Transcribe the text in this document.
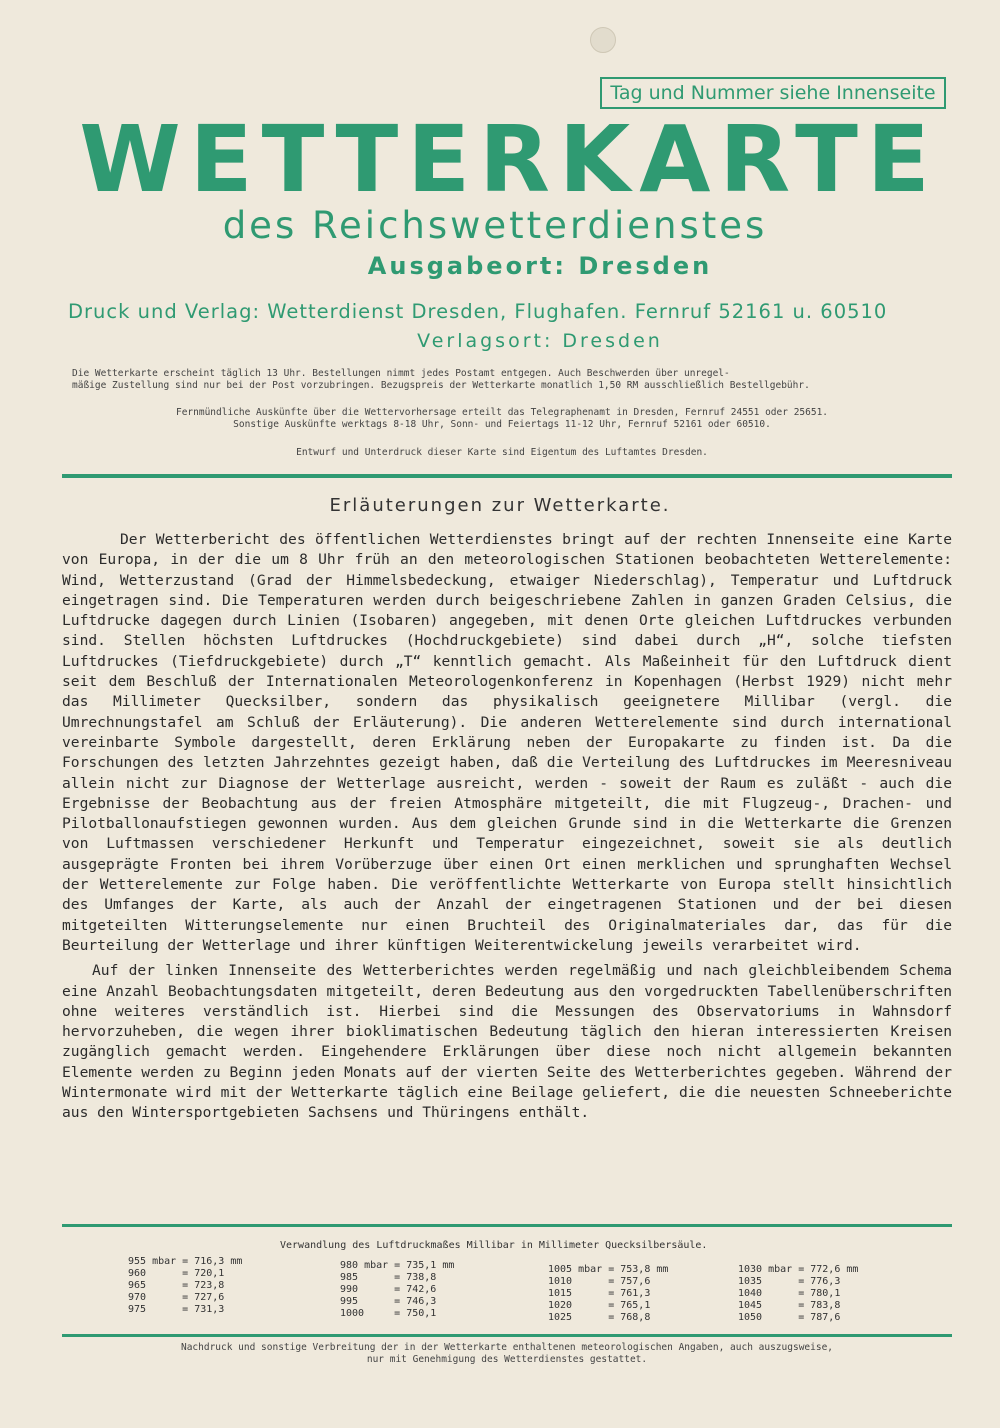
Tag und Nummer siehe Innenseite
WETTERKARTE
des Reichswetterdienstes
Ausgabeort: Dresden
Druck und Verlag: Wetterdienst Dresden, Flughafen. Fernruf 52161 u. 60510
Verlagsort: Dresden
Die Wetterkarte erscheint täglich 13 Uhr. Bestellungen nimmt jedes Postamt entgegen. Auch Beschwerden über unregel-
mäßige Zustellung sind nur bei der Post vorzubringen. Bezugspreis der Wetterkarte monatlich 1,50 RM ausschließlich Bestellgebühr.
Fernmündliche Auskünfte über die Wettervorhersage erteilt das Telegraphenamt in Dresden, Fernruf 24551 oder 25651.
Sonstige Auskünfte werktags 8-18 Uhr, Sonn- und Feiertags 11-12 Uhr, Fernruf 52161 oder 60510.
Entwurf und Unterdruck dieser Karte sind Eigentum des Luftamtes Dresden.
Erläuterungen zur Wetterkarte.

Der Wetterbericht des öffentlichen Wetterdienstes bringt auf der rechten Innenseite eine Karte von Europa, in der die um 8 Uhr früh an den meteorologischen Stationen beobachteten Wetterelemente: Wind, Wetterzustand (Grad der Himmelsbedeckung, etwaiger Niederschlag), Temperatur und Luftdruck eingetragen sind. Die Temperaturen werden durch beigeschriebene Zahlen in ganzen Graden Celsius, die Luftdrucke dagegen durch Linien (Isobaren) angegeben, mit denen Orte gleichen Luftdruckes verbunden sind. Stellen höchsten Luftdruckes (Hochdruckgebiete) sind dabei durch „H“, solche tiefsten Luftdruckes (Tiefdruckgebiete) durch „T“ kenntlich gemacht. Als Maßeinheit für den Luftdruck dient seit dem Beschluß der Internationalen Meteorologenkonferenz in Kopenhagen (Herbst 1929) nicht mehr das Millimeter Quecksilber, sondern das physikalisch geeignetere Millibar (vergl. die Umrechnungstafel am Schluß der Erläuterung). Die anderen Wetterelemente sind durch international vereinbarte Symbole dargestellt, deren Erklärung neben der Europakarte zu finden ist. Da die Forschungen des letzten Jahrzehntes gezeigt haben, daß die Verteilung des Luftdruckes im Meeresniveau allein nicht zur Diagnose der Wetterlage ausreicht, werden - soweit der Raum es zuläßt - auch die Ergebnisse der Beobachtung aus der freien Atmosphäre mitgeteilt, die mit Flugzeug-, Drachen- und Pilotballonaufstiegen gewonnen wurden. Aus dem gleichen Grunde sind in die Wetterkarte die Grenzen von Luftmassen verschiedener Herkunft und Temperatur eingezeichnet, soweit sie als deutlich ausgeprägte Fronten bei ihrem Vorüberzuge über einen Ort einen merklichen und sprunghaften Wechsel der Wetterelemente zur Folge haben. Die veröffentlichte Wetterkarte von Europa stellt hinsichtlich des Umfanges der Karte, als auch der Anzahl der eingetragenen Stationen und der bei diesen mitgeteilten Witterungselemente nur einen Bruchteil des Originalmateriales dar, das für die Beurteilung der Wetterlage und ihrer künftigen Weiterentwickelung jeweils verarbeitet wird.

Auf der linken Innenseite des Wetterberichtes werden regelmäßig und nach gleichbleibendem Schema eine Anzahl Beobachtungsdaten mitgeteilt, deren Bedeutung aus den vorgedruckten Tabellenüberschriften ohne weiteres verständlich ist. Hierbei sind die Messungen des Observatoriums in Wahnsdorf hervorzuheben, die wegen ihrer bioklimatischen Bedeutung täglich den hieran interessierten Kreisen zugänglich gemacht werden. Eingehendere Erklärungen über diese noch nicht allgemein bekannten Elemente werden zu Beginn jeden Monats auf der vierten Seite des Wetterberichtes gegeben. Während der Wintermonate wird mit der Wetterkarte täglich eine Beilage geliefert, die die neuesten Schneeberichte aus den Wintersportgebieten Sachsens und Thüringens enthält.

Verwandlung des Luftdruckmaßes Millibar in Millimeter Quecksilbersäule.
955 mbar = 716,3 mm
960      = 720,1
965      = 723,8
970      = 727,6
975      = 731,3
980 mbar = 735,1 mm
985      = 738,8
990      = 742,6
995      = 746,3
1000     = 750,1
1005 mbar = 753,8 mm
1010      = 757,6
1015      = 761,3
1020      = 765,1
1025      = 768,8
1030 mbar = 772,6 mm
1035      = 776,3
1040      = 780,1
1045      = 783,8
1050      = 787,6
Nachdruck und sonstige Verbreitung der in der Wetterkarte enthaltenen meteorologischen Angaben, auch auszugsweise,
nur mit Genehmigung des Wetterdienstes gestattet.
